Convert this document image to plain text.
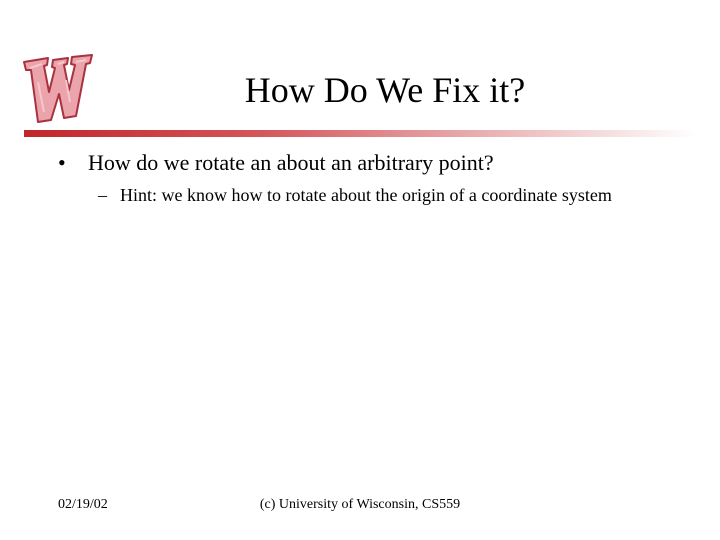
How Do We Fix it?
• How do we rotate an about an arbitrary point?
– Hint: we know how to rotate about the origin of a coordinate system
02/19/02	(c) University of Wisconsin, CS559
